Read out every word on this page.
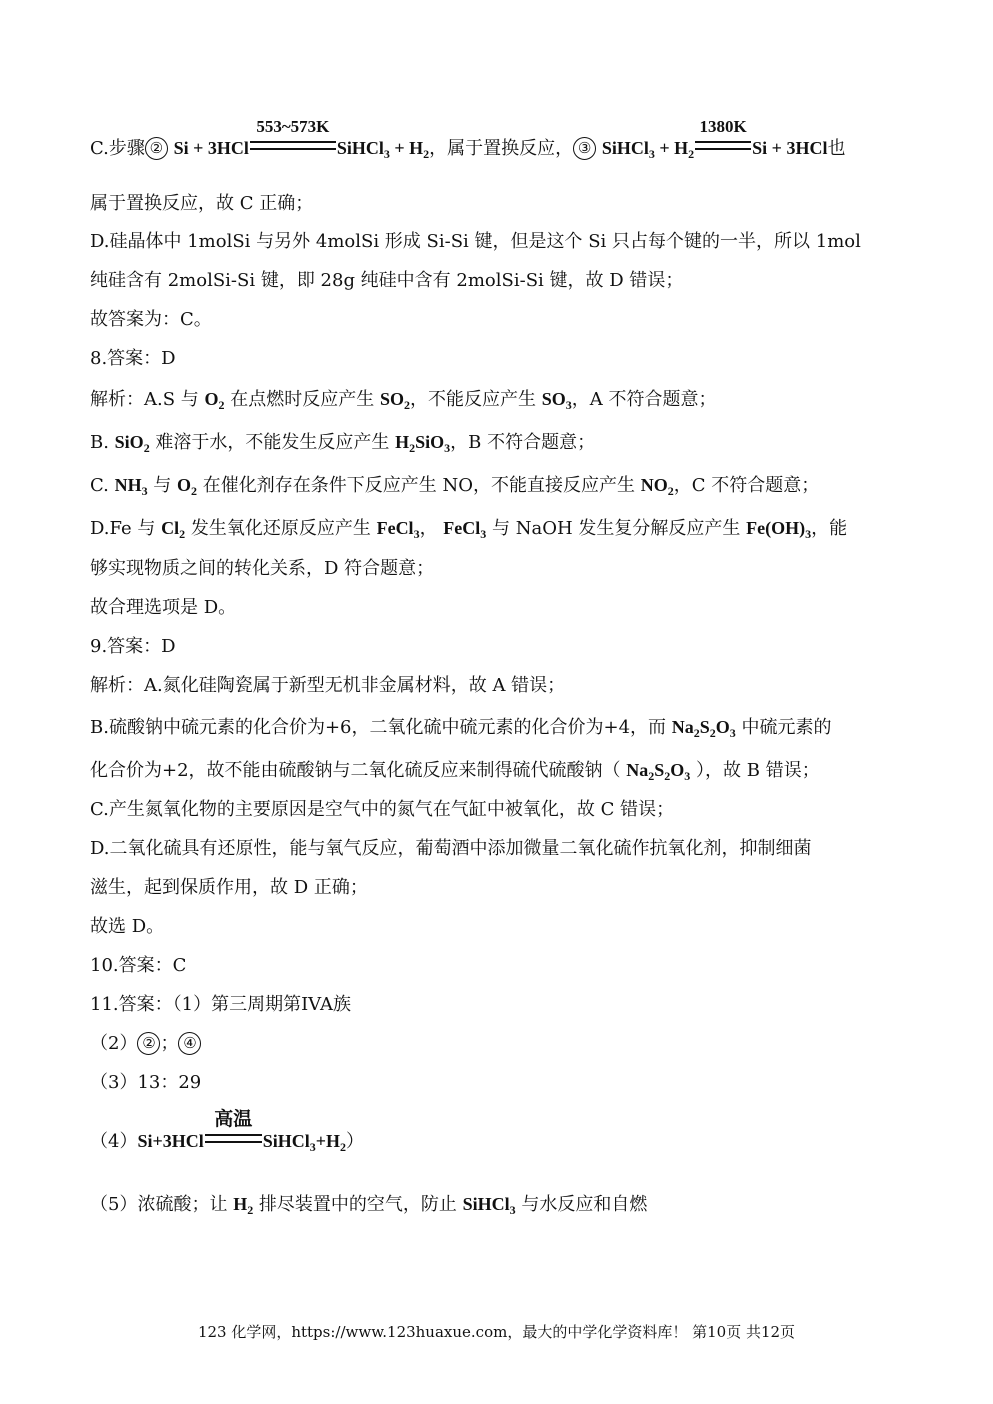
C.步骤 ② Si + 3HCl
553~573K
SiHCl$_3$ + $H_2$，属于置换反应， ③ SiHCl$_3$ + $H_2$
1380K
Si + 3HCl也
属于置换反应，故 C 正确；
D.硅晶体中 1molSi 与另外 4molSi 形成 Si-Si 键，但是这个 Si 只占每个键的一半，所以 1mol
纯硅含有 2molSi-Si 键，即 28g 纯硅中含有 2molSi-Si 键，故 D 错误；
故答案为：C。
8.答案：D
解析：A.S 与 $O_2$ 在点燃时反应产生 $SO_2$，不能反应产生 $SO_3$，A 不符合题意；
B. SiO$_2$ 难溶于水，不能发生反应产生 $H_2SiO_3$，B 不符合题意；
C. $NH_3$ 与 $O_2$ 在催化剂存在条件下反应产生 NO，不能直接反应产生 $NO_2$，C 不符合题意；
D.Fe 与 $Cl_2$ 发生氧化还原反应产生 FeCl$_3$， FeCl$_3$ 与 NaOH 发生复分解反应产生 $Fe(OH)_3$，能
够实现物质之间的转化关系，D 符合题意；
故合理选项是 D。
9.答案：D
解析：A.氮化硅陶瓷属于新型无机非金属材料，故 A 错误；
B.硫酸钠中硫元素的化合价为+6，二氧化硫中硫元素的化合价为+4，而 $Na_2S_2O_3$ 中硫元素的
化合价为+2，故不能由硫酸钠与二氧化硫反应来制得硫代硫酸钠（ $Na_2S_2O_3$ ），故 B 错误；
C.产生氮氧化物的主要原因是空气中的氮气在气缸中被氧化，故 C 错误；
D.二氧化硫具有还原性，能与氧气反应，葡萄酒中添加微量二氧化硫作抗氧化剂，抑制细菌
滋生，起到保质作用，故 D 正确；
故选 D。
10.答案：C
11.答案：（1）第三周期第IVA族
（2） ② ； ④
（3）13：29
（4）Si+3HCl
高温
$SiHCl_3+H_2$）
（5）浓硫酸；让 $H_2$ 排尽装置中的空气，防止 SiHCl$_3$ 与水反应和自燃
123 化学网，https://www.123huaxue.com，最大的中学化学资料库！ 第10页 共12页
